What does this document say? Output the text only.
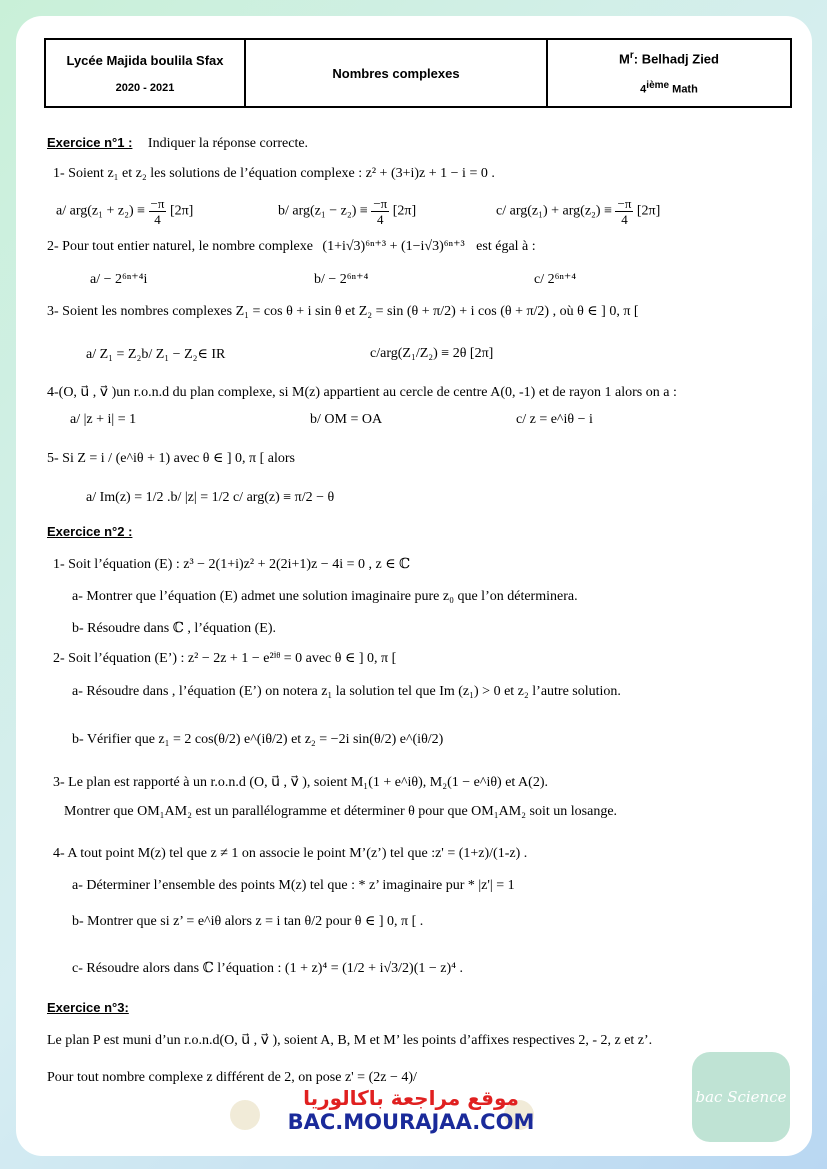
Lycée Majida boulila Sfax
2020 - 2021
Nombres complexes
$M^r$: Belhadj Zied
4ième Math
Exercice n°1 : Indiquer la réponse correcte.
1- Soient z₁ et z₂ les solutions de l’équation complexe : z² + (3+i)z + 1 − i = 0 .
a/ $arg(z_1 + z_2) \equiv \frac{-\pi}{4} [2\pi]$	b/ $arg(z_1 - z_2) \equiv \frac{-\pi}{4} [2\pi]$	c/ $arg(z_1) + arg(z_2) \equiv \frac{-\pi}{4} [2\pi]$
2- Pour tout entier naturel, le nombre complexe (1+i√3)⁶ⁿ⁺³ + (1−i√3)⁶ⁿ⁺³ est égal à :
a/ − 2⁶ⁿ⁺⁴i	b/ − 2⁶ⁿ⁺⁴	c/ 2⁶ⁿ⁺⁴
3- Soient les nombres complexes Z₁ = cos θ + i sin θ et Z₂ = sin (θ + π/2) + i cos (θ + π/2) , où θ ∈ ] 0, π [
a/ Z₁ = Z₂b/ Z₁ − Z₂∈ IR	c/arg(Z₁/Z₂) ≡ 2θ [2π]
4-(O, u⃗ , v⃗ )un r.o.n.d du plan complexe, si M(z) appartient au cercle de centre A(0, -1) et de rayon 1 alors on a :
a/ |z + i| = 1	b/ OM = OA	c/ z = e^iθ − i
5- Si Z = i / (e^iθ + 1) avec θ ∈ ] 0, π [ alors
a/ Im(z) = 1/2 .b/ |z| = 1/2 c/ arg(z) ≡ π/2 − θ
Exercice n°2 :
1- Soit l’équation (E) : z³ − 2(1+i)z² + 2(2i+1)z − 4i = 0 , z ∈ ℂ
a- Montrer que l’équation (E) admet une solution imaginaire pure z₀ que l’on déterminera.
b- Résoudre dans ℂ , l’équation (E).
2- Soit l’équation (E’) : z² − 2z + 1 − e²ⁱᶿ = 0 avec θ ∈ ] 0, π [
a- Résoudre dans , l’équation (E’) on notera z₁ la solution tel que Im (z₁) > 0 et z₂ l’autre solution.
b- Vérifier que z₁ = 2 cos(θ/2) e^(iθ/2) et z₂ = −2i sin(θ/2) e^(iθ/2)
3- Le plan est rapporté à un r.o.n.d (O, u⃗ , v⃗ ), soient M₁(1 + e^iθ), M₂(1 − e^iθ) et A(2).
Montrer que OM₁AM₂ est un parallélogramme et déterminer θ pour que OM₁AM₂ soit un losange.
4- A tout point M(z) tel que z ≠ 1 on associe le point M’(z’) tel que :z' = (1+z)/(1-z) .
a- Déterminer l’ensemble des points M(z) tel que : * z’ imaginaire pur * |z'| = 1
b- Montrer que si z’ = e^iθ alors z = i tan θ/2 pour θ ∈ ] 0, π [ .
c- Résoudre alors dans ℂ l’équation : (1 + z)⁴ = (1/2 + i√3/2)(1 − z)⁴ .
Exercice n°3:
Le plan P est muni d’un r.o.n.d(O, u⃗ , v⃗ ), soient A, B, M et M’ les points d’affixes respectives 2, - 2, z et z’.
Pour tout nombre complexe z différent de 2, on pose z' = (2z − 4)/
موقع مراجعة باكالوريا
BAC.MOURAJAA.COM
bac Science
